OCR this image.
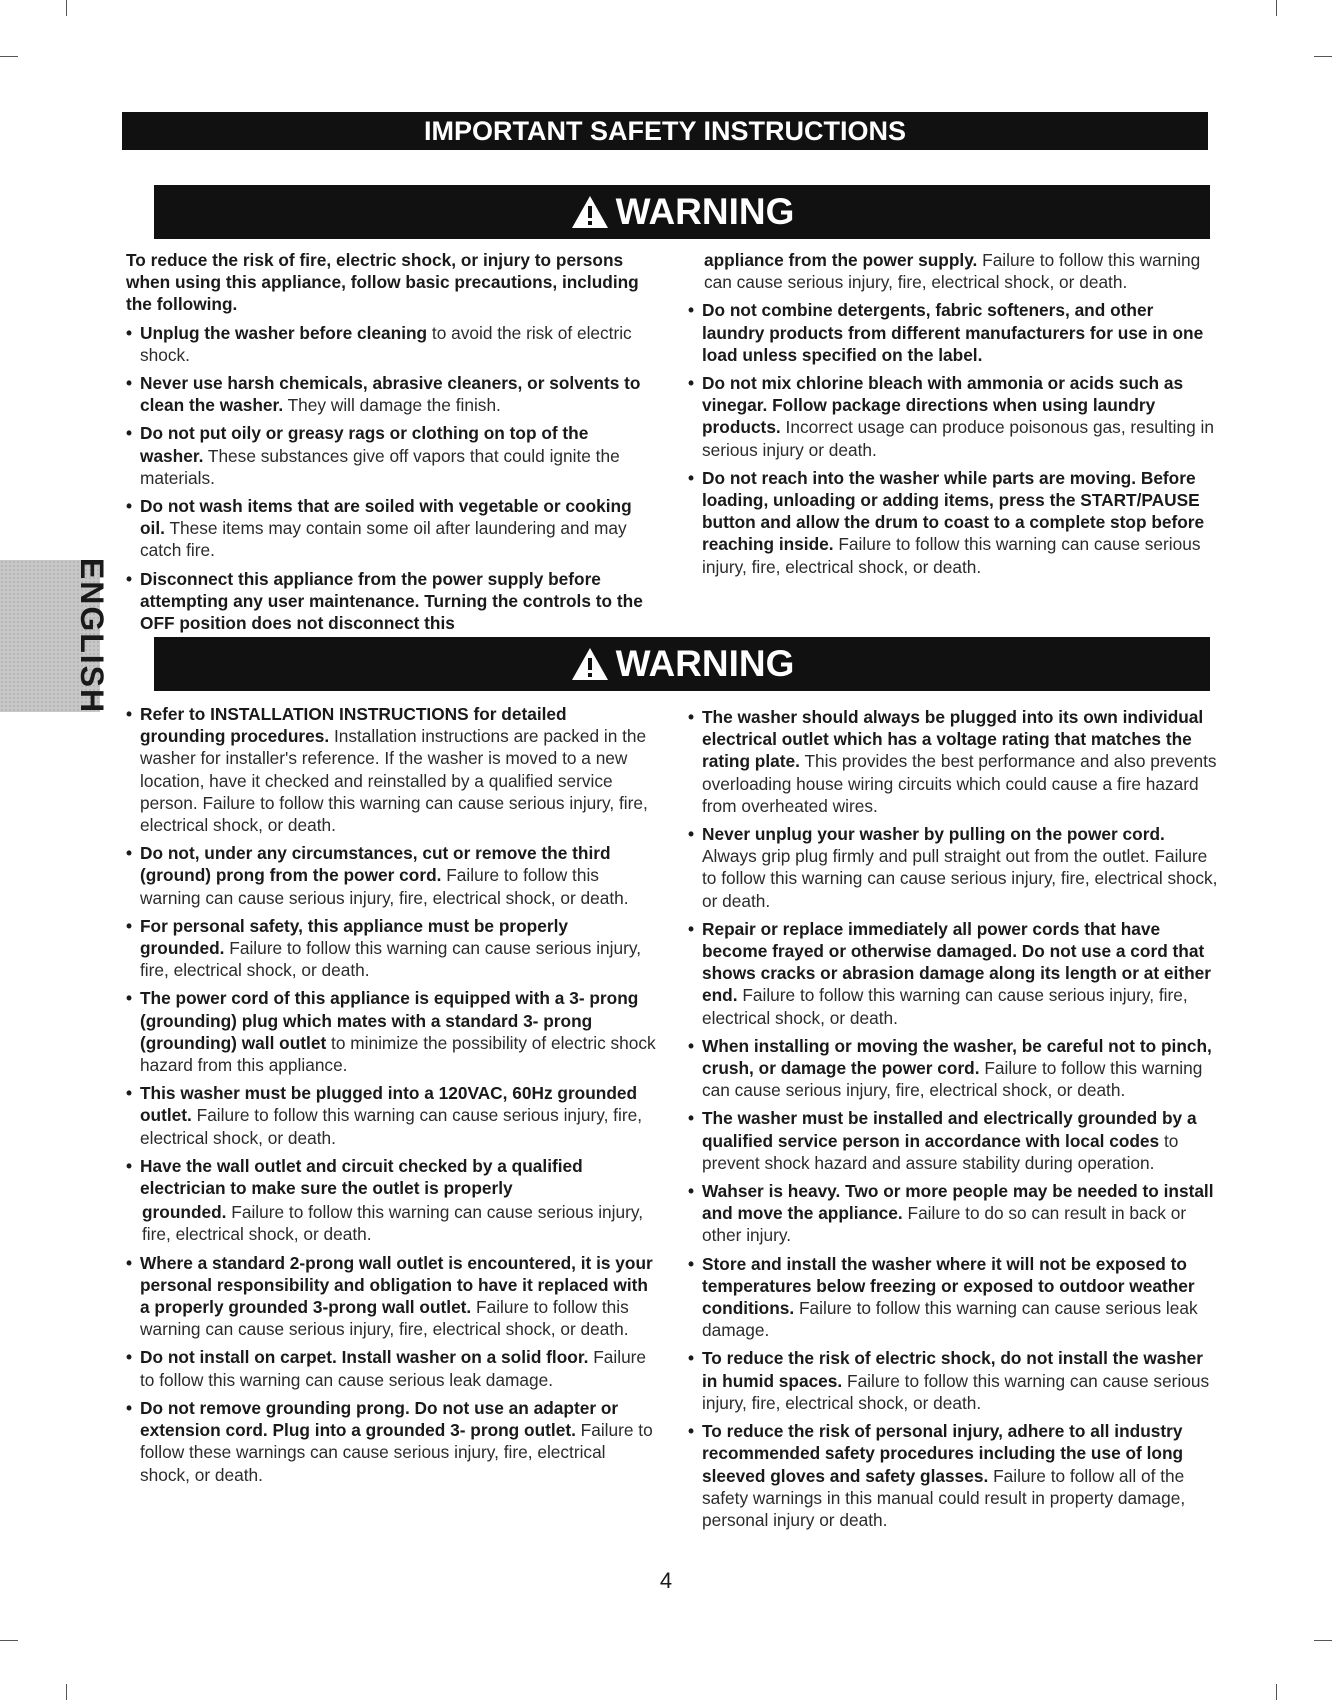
IMPORTANT SAFETY INSTRUCTIONS
ENGLISH
WARNING
To reduce the risk of fire, electric shock, or injury to persons when using this appliance, follow basic precautions, including the following.
• Unplug the washer before cleaning to avoid the risk of electric shock.
• Never use harsh chemicals, abrasive cleaners, or solvents to clean the washer. They will damage the finish.
• Do not put oily or greasy rags or clothing on top of the washer. These substances give off vapors that could ignite the materials.
• Do not wash items that are soiled with vegetable or cooking oil. These items may contain some oil after laundering and may catch fire.
• Disconnect this appliance from the power supply before attempting any user maintenance. Turning the controls to the OFF position does not disconnect this
appliance from the power supply. Failure to follow this warning can cause serious injury, fire, electrical shock, or death.
• Do not combine detergents, fabric softeners, and other laundry products from different manufacturers for use in one load unless specified on the label.
• Do not mix chlorine bleach with ammonia or acids such as vinegar. Follow package directions when using laundry products. Incorrect usage can produce poisonous gas, resulting in serious injury or death.
• Do not reach into the washer while parts are moving. Before loading, unloading or adding items, press the START/PAUSE button and allow the drum to coast to a complete stop before reaching inside. Failure to follow this warning can cause serious injury, fire, electrical shock, or death.
WARNING
• Refer to INSTALLATION INSTRUCTIONS for detailed grounding procedures. Installation instructions are packed in the washer for installer's reference. If the washer is moved to a new location, have it checked and reinstalled by a qualified service person. Failure to follow this warning can cause serious injury, fire, electrical shock, or death.
• Do not, under any circumstances, cut or remove the third (ground) prong from the power cord. Failure to follow this warning can cause serious injury, fire, electrical shock, or death.
• For personal safety, this appliance must be properly grounded. Failure to follow this warning can cause serious injury, fire, electrical shock, or death.
• The power cord of this appliance is equipped with a 3- prong (grounding) plug which mates with a standard 3- prong (grounding) wall outlet to minimize the possibility of electric shock hazard from this appliance.
• This washer must be plugged into a 120VAC, 60Hz grounded outlet. Failure to follow this warning can cause serious injury, fire, electrical shock, or death.
• Have the wall outlet and circuit checked by a qualified electrician to make sure the outlet is properly
grounded. Failure to follow this warning can cause serious injury, fire, electrical shock, or death.
• Where a standard 2-prong wall outlet is encountered, it is your personal responsibility and obligation to have it replaced with a properly grounded 3-prong wall outlet. Failure to follow this warning can cause serious injury, fire, electrical shock, or death.
• Do not install on carpet. Install washer on a solid floor. Failure to follow this warning can cause serious leak damage.
• Do not remove grounding prong. Do not use an adapter or extension cord. Plug into a grounded 3- prong outlet. Failure to follow these warnings can cause serious injury, fire, electrical shock, or death.
• The washer should always be plugged into its own individual electrical outlet which has a voltage rating that matches the rating plate. This provides the best performance and also prevents overloading house wiring circuits which could cause a fire hazard from overheated wires.
• Never unplug your washer by pulling on the power cord. Always grip plug firmly and pull straight out from the outlet. Failure to follow this warning can cause serious injury, fire, electrical shock, or death.
• Repair or replace immediately all power cords that have become frayed or otherwise damaged. Do not use a cord that shows cracks or abrasion damage along its length or at either end. Failure to follow this warning can cause serious injury, fire, electrical shock, or death.
• When installing or moving the washer, be careful not to pinch, crush, or damage the power cord. Failure to follow this warning can cause serious injury, fire, electrical shock, or death.
• The washer must be installed and electrically grounded by a qualified service person in accordance with local codes to prevent shock hazard and assure stability during operation.
• Wahser is heavy. Two or more people may be needed to install and move the appliance. Failure to do so can result in back or other injury.
• Store and install the washer where it will not be exposed to temperatures below freezing or exposed to outdoor weather conditions. Failure to follow this warning can cause serious leak damage.
• To reduce the risk of electric shock, do not install the washer in humid spaces. Failure to follow this warning can cause serious injury, fire, electrical shock, or death.
• To reduce the risk of personal injury, adhere to all industry recommended safety procedures including the use of long sleeved gloves and safety glasses. Failure to follow all of the safety warnings in this manual could result in property damage, personal injury or death.
4
